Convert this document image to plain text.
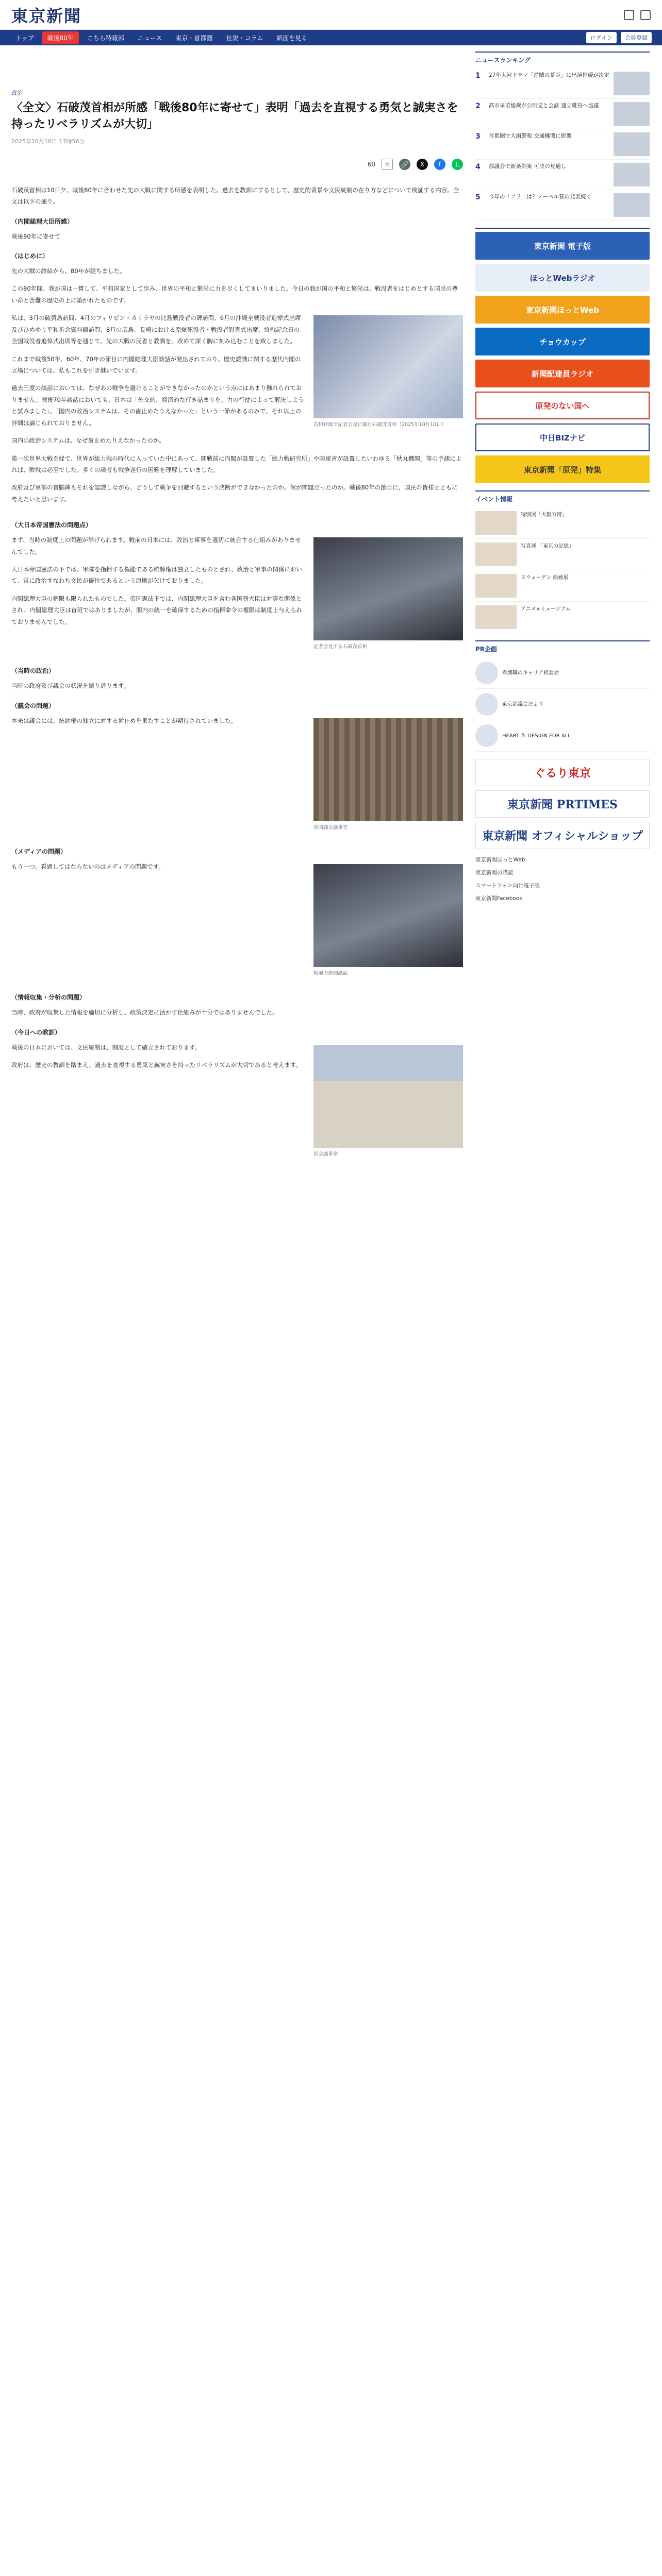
東京新聞
トップ	戦後80年	こちら特報部	ニュース	東京・首都圏	社説・コラム	紙面を見る	ログイン	会員登録
政治
〈全文〉石破茂首相が所感「戦後80年に寄せて」表明「過去を直視する勇気と誠実さを持ったリベラリズムが大切」
2025年10月10日 17時56分
60	☆	🔗	X	f	L

石破茂首相は10日夕、戦後80年に合わせた先の大戦に関する所感を表明した。過去を教訓にするとして、歴史的背景や文民統制の在り方などについて検証する内容。全文は以下の通り。

（内閣総理大臣所感）

戦後80年に寄せて

（はじめに）

先の大戦の終結から、80年が経ちました。

この80年間、我が国は一貫して、平和国家として歩み、世界の平和と繁栄に力を尽くしてまいりました。今日の我が国の平和と繁栄は、戦没者をはじめとする国民の尊い命と苦難の歴史の上に築かれたものです。

首相官邸で記者会見に臨む石破茂首相（2025年10月10日）

私は、3月の硫黄島訪問、4月のフィリピン・カリラヤの比島戦没者の碑訪問、6月の沖縄全戦没者追悼式出席及びひめゆり平和祈念資料館訪問、8月の広島、長崎における原爆死没者・戦没者慰霊式出席、終戦記念日の全国戦没者追悼式出席等を通じて、先の大戦の反省と教訓を、改めて深く胸に刻み込むことを致しました。

これまで戦後50年、60年、70年の節目に内閣総理大臣談話が発出されており、歴史認識に関する歴代内閣の立場については、私もこれを引き継いでいます。

過去三度の談話においては、なぜあの戦争を避けることができなかったのかという点にはあまり触れられておりません。戦後70年談話においても、日本は「外交的、経済的な行き詰まりを、力の行使によって解決しようと試みました」、「国内の政治システムは、その歯止めたりえなかった」という一節があるのみで、それ以上の詳細は論じられておりません。

国内の政治システムは、なぜ歯止めたりえなかったのか。

第一次世界大戦を経て、世界が総力戦の時代に入っていた中にあって、開戦前に内閣が設置した「総力戦研究所」や陸軍省が設置したいわゆる「秋丸機関」等の予測によれば、敗戦は必至でした。多くの識者も戦争遂行の困難を理解していました。

政府及び軍部の首脳陣もそれを認識しながら、どうして戦争を回避するという決断ができなかったのか。何が問題だったのか。戦後80年の節目に、国民の皆様とともに考えたいと思います。

（大日本帝国憲法の問題点）
記者会見する石破茂首相

まず、当時の制度上の問題が挙げられます。戦前の日本には、政治と軍事を適切に統合する仕組みがありませんでした。

大日本帝国憲法の下では、軍隊を指揮する権能である統帥権は独立したものとされ、政治と軍事の関係において、常に政治すなわち文民が優位であるという原則が欠けておりました。

内閣総理大臣の権限も限られたものでした。帝国憲法下では、内閣総理大臣を含む各国務大臣は対等な関係とされ、内閣総理大臣は首班ではありましたが、閣内の統一を確保するための指揮命令の権限は制度上与えられておりませんでした。

（当時の政治）

当時の政府及び議会の状況を振り返ります。

（議会の問題）
帝国議会議事堂

本来は議会には、統帥権の独立に対する歯止めを果たすことが期待されていました。

（メディアの問題）
戦前の新聞紙面

もう一つ、看過してはならないのはメディアの問題です。

（情報収集・分析の問題）

当時、政府が収集した情報を適切に分析し、政策決定に活かす仕組みが十分ではありませんでした。

（今日への教訓）
国会議事堂

戦後の日本においては、文民統制は、制度として確立されております。

政府は、歴史の教訓を踏まえ、過去を直視する勇気と誠実さを持ったリベラリズムが大切であると考えます。

ニュースランキング
1	27年大河ドラマ「逆賊の幕臣」に出演俳優が決定
2	高市早苗総裁が公明党と会談 連立維持へ協議
3	首都圏で大雨警報 交通機関に影響
4	都議会で新条例案 可決の見通し
5	今年の「ソラ」は？ノーベル賞の発表続く
東京新聞 電子版
ほっとWebラジオ
東京新聞ほっとWeb
チョウカップ
新聞配達員ラジオ
原発のない国へ
中日BIZナビ
東京新聞「原発」特集
イベント情報
特別展「大阪万博」
写真展 「東京の記憶」
スウェーデン 絵画展
アニメ×ミュージアム
PR企画
看護職のキャリア相談会
東京都議会だより
HEART ＆ DESIGN FOR ALL
ぐるり東京
東京新聞 PRTIMES
東京新聞 オフィシャルショップ
東京新聞ほっとWeb
東京新聞の購読
スマートフォン向け電子版
東京新聞Facebook
